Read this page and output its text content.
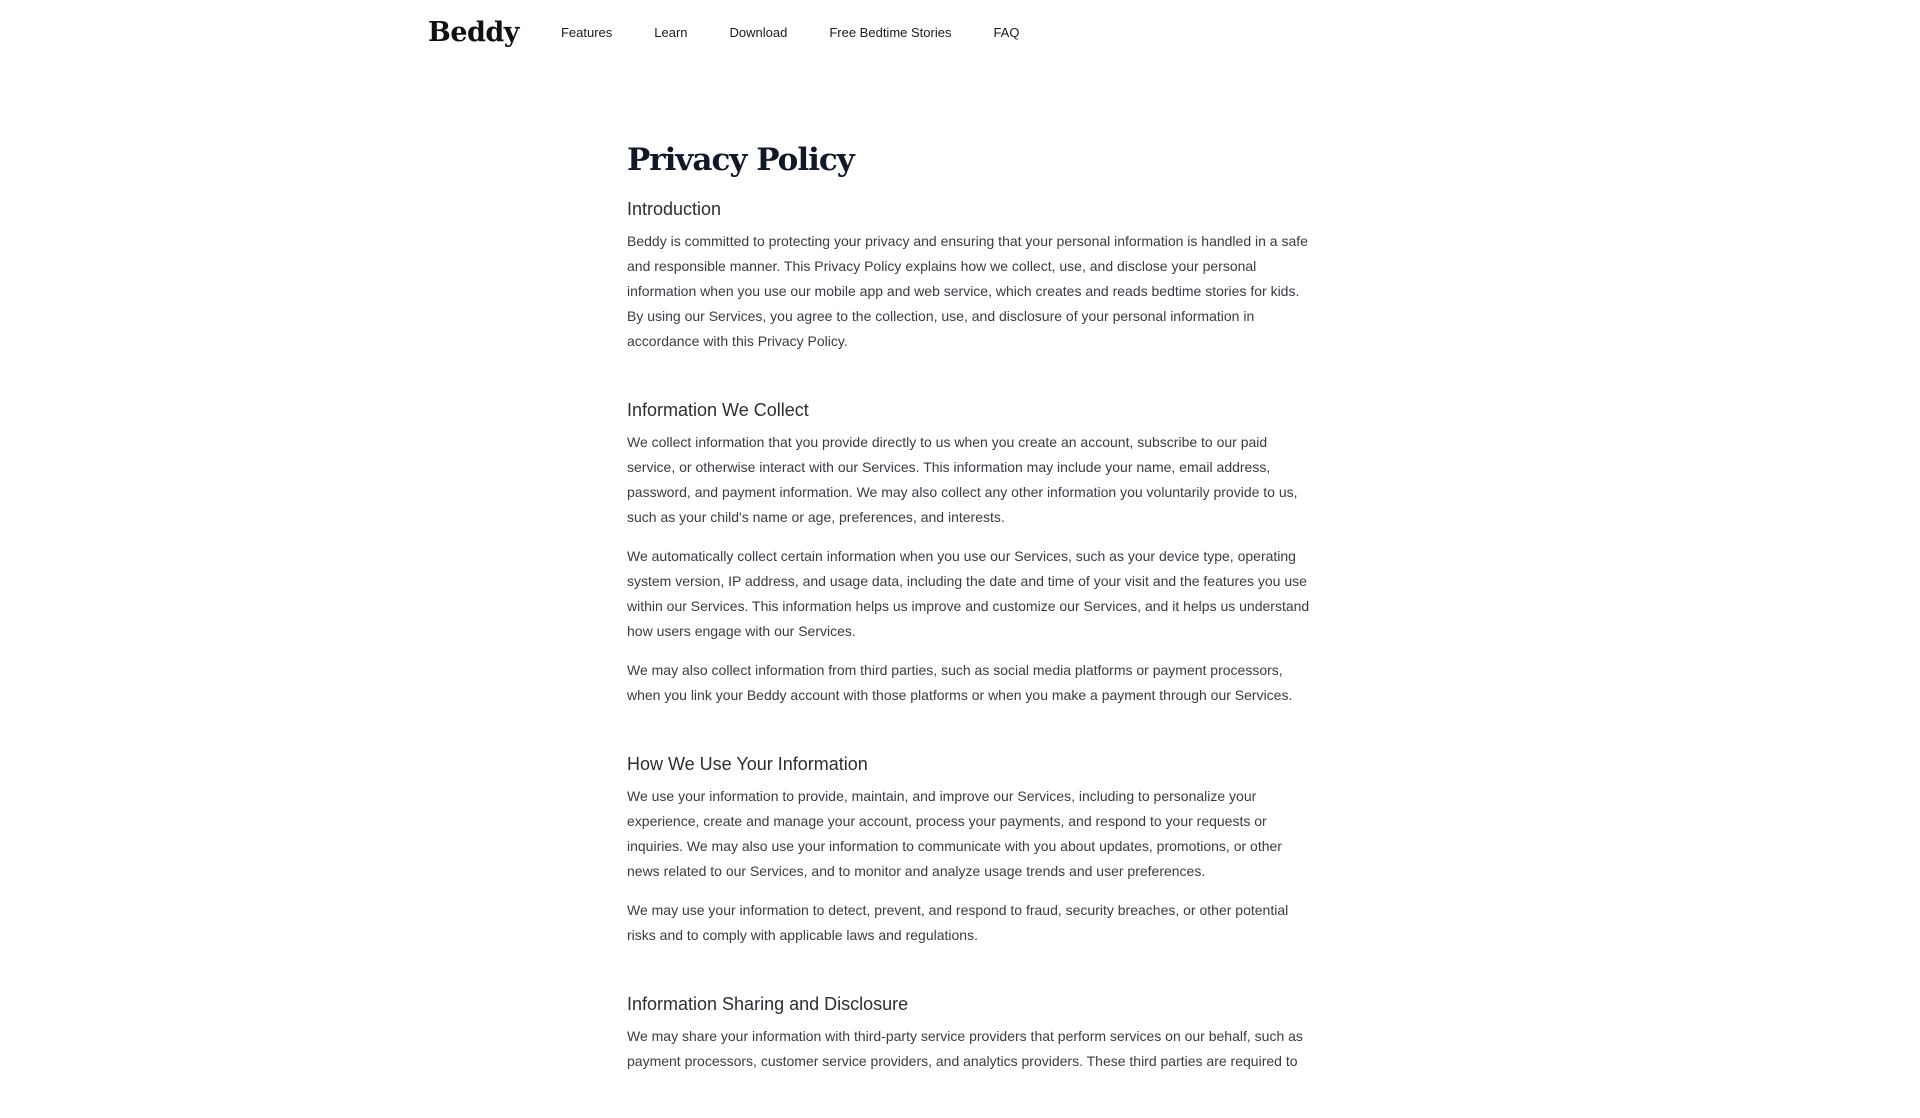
Beddy	Features	Learn	Download	Free Bedtime Stories	FAQ
Privacy Policy
Introduction

Beddy is committed to protecting your privacy and ensuring that your personal information is handled in a safe and responsible manner. This Privacy Policy explains how we collect, use, and disclose your personal information when you use our mobile app and web service, which creates and reads bedtime stories for kids. By using our Services, you agree to the collection, use, and disclosure of your personal information in accordance with this Privacy Policy.

Information We Collect

We collect information that you provide directly to us when you create an account, subscribe to our paid service, or otherwise interact with our Services. This information may include your name, email address, password, and payment information. We may also collect any other information you voluntarily provide to us, such as your child's name or age, preferences, and interests.

We automatically collect certain information when you use our Services, such as your device type, operating system version, IP address, and usage data, including the date and time of your visit and the features you use within our Services. This information helps us improve and customize our Services, and it helps us understand how users engage with our Services.

We may also collect information from third parties, such as social media platforms or payment processors, when you link your Beddy account with those platforms or when you make a payment through our Services.

How We Use Your Information

We use your information to provide, maintain, and improve our Services, including to personalize your experience, create and manage your account, process your payments, and respond to your requests or inquiries. We may also use your information to communicate with you about updates, promotions, or other news related to our Services, and to monitor and analyze usage trends and user preferences.

We may use your information to detect, prevent, and respond to fraud, security breaches, or other potential risks and to comply with applicable laws and regulations.

Information Sharing and Disclosure

We may share your information with third-party service providers that perform services on our behalf, such as payment processors, customer service providers, and analytics providers. These third parties are required to
